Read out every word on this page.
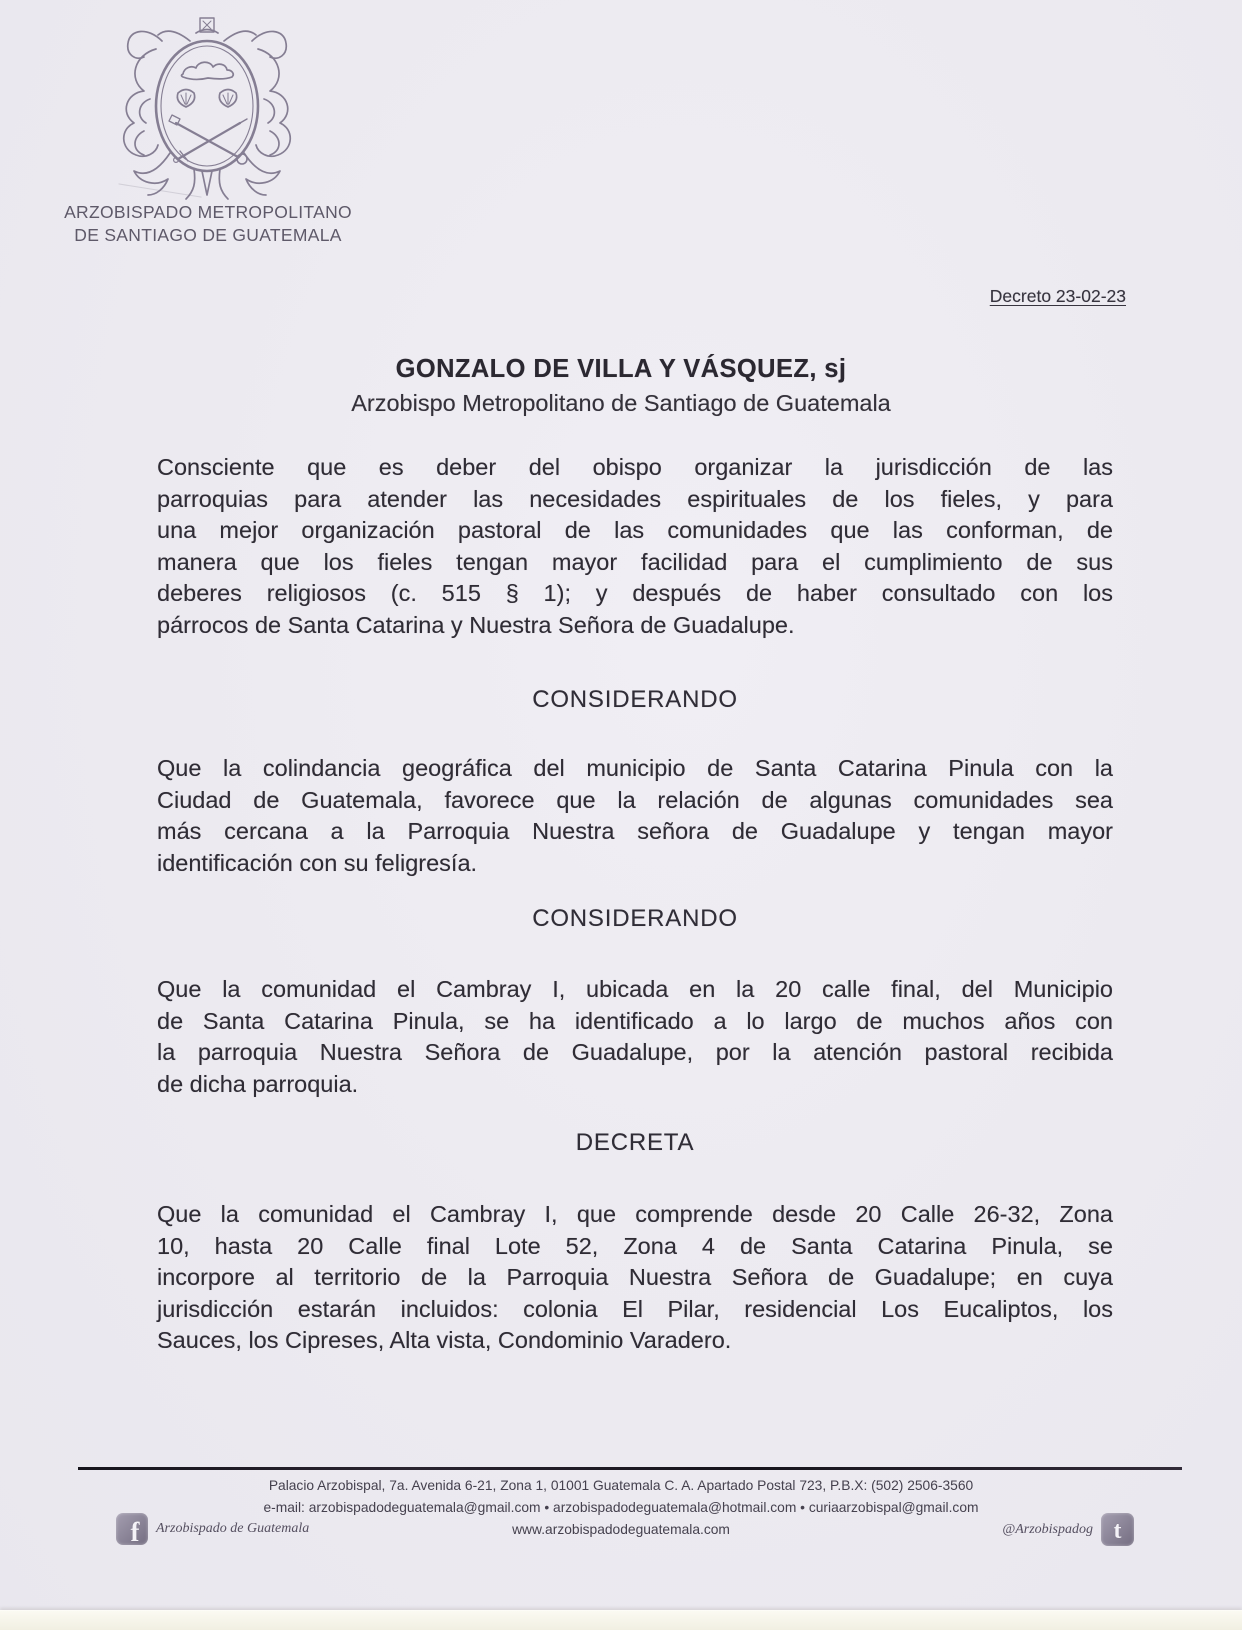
ARZOBISPADO METROPOLITANO
DE SANTIAGO DE GUATEMALA
Decreto 23-02-23
GONZALO DE VILLA Y VÁSQUEZ, sj
Arzobispo Metropolitano de Santiago de Guatemala
Consciente que es deber del obispo organizar la jurisdicción de las
parroquias para atender las necesidades espirituales de los fieles, y para
una mejor organización pastoral de las comunidades que las conforman, de
manera que los fieles tengan mayor facilidad para el cumplimiento de sus
deberes religiosos (c. 515 § 1); y después de haber consultado con los
párrocos de Santa Catarina y Nuestra Señora de Guadalupe.
CONSIDERANDO
Que la colindancia geográfica del municipio de Santa Catarina Pinula con la
Ciudad de Guatemala, favorece que la relación de algunas comunidades sea
más cercana a la Parroquia Nuestra señora de Guadalupe y tengan mayor
identificación con su feligresía.
CONSIDERANDO
Que la comunidad el Cambray I, ubicada en la 20 calle final, del Municipio
de Santa Catarina Pinula, se ha identificado a lo largo de muchos años con
la parroquia Nuestra Señora de Guadalupe, por la atención pastoral recibida
de dicha parroquia.
DECRETA
Que la comunidad el Cambray I, que comprende desde 20 Calle 26-32, Zona
10, hasta 20 Calle final Lote 52, Zona 4 de Santa Catarina Pinula, se
incorpore al territorio de la Parroquia Nuestra Señora de Guadalupe; en cuya
jurisdicción estarán incluidos: colonia El Pilar, residencial Los Eucaliptos, los
Sauces, los Cipreses, Alta vista, Condominio Varadero.
Palacio Arzobispal, 7a. Avenida 6-21, Zona 1, 01001 Guatemala C. A. Apartado Postal 723, P.B.X: (502) 2506-3560
e-mail: arzobispadodeguatemala@gmail.com • arzobispadodeguatemala@hotmail.com • curiaarzobispal@gmail.com
www.arzobispadodeguatemala.com
f Arzobispado de Guatemala	@Arzobispadog t
